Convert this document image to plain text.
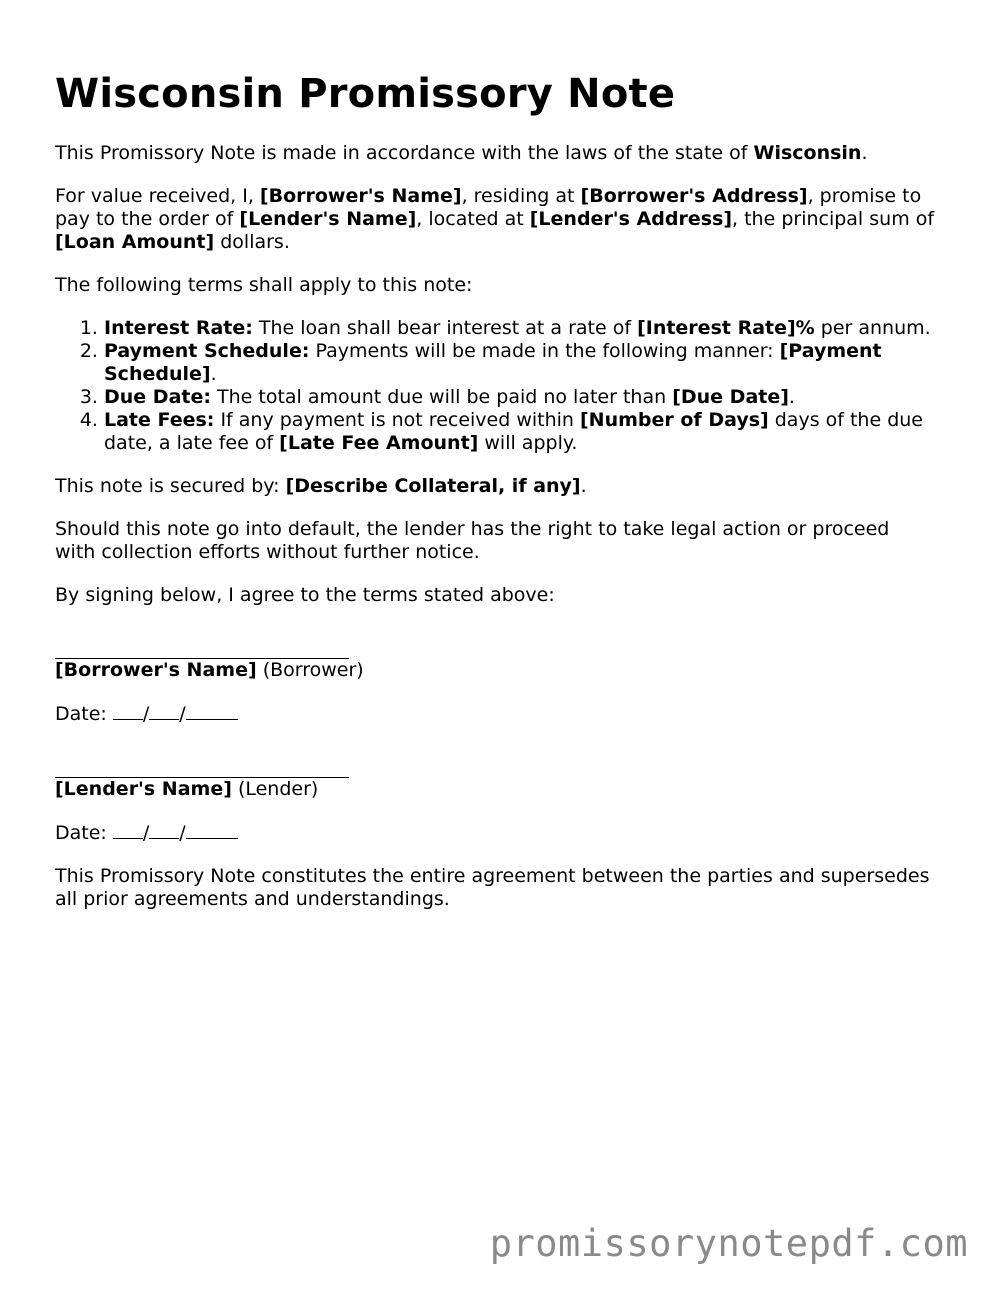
Wisconsin Promissory Note

This Promissory Note is made in accordance with the laws of the state of Wisconsin.

For value received, I, [Borrower's Name], residing at [Borrower's Address], promise to pay to the order of [Lender's Name], located at [Lender's Address], the principal sum of [Loan Amount] dollars.

The following terms shall apply to this note:

1. Interest Rate: The loan shall bear interest at a rate of [Interest Rate]% per annum.
2. Payment Schedule: Payments will be made in the following manner: [Payment Schedule].
3. Due Date: The total amount due will be paid no later than [Due Date].
4. Late Fees: If any payment is not received within [Number of Days] days of the due date, a late fee of [Late Fee Amount] will apply.

This note is secured by: [Describe Collateral, if any].

Should this note go into default, the lender has the right to take legal action or proceed with collection efforts without further notice.

By signing below, I agree to the terms stated above:

[Borrower's Name] (Borrower)

Date: / /

[Lender's Name] (Lender)

Date: / /

This Promissory Note constitutes the entire agreement between the parties and supersedes all prior agreements and understandings.

promissorynotepdf.com
